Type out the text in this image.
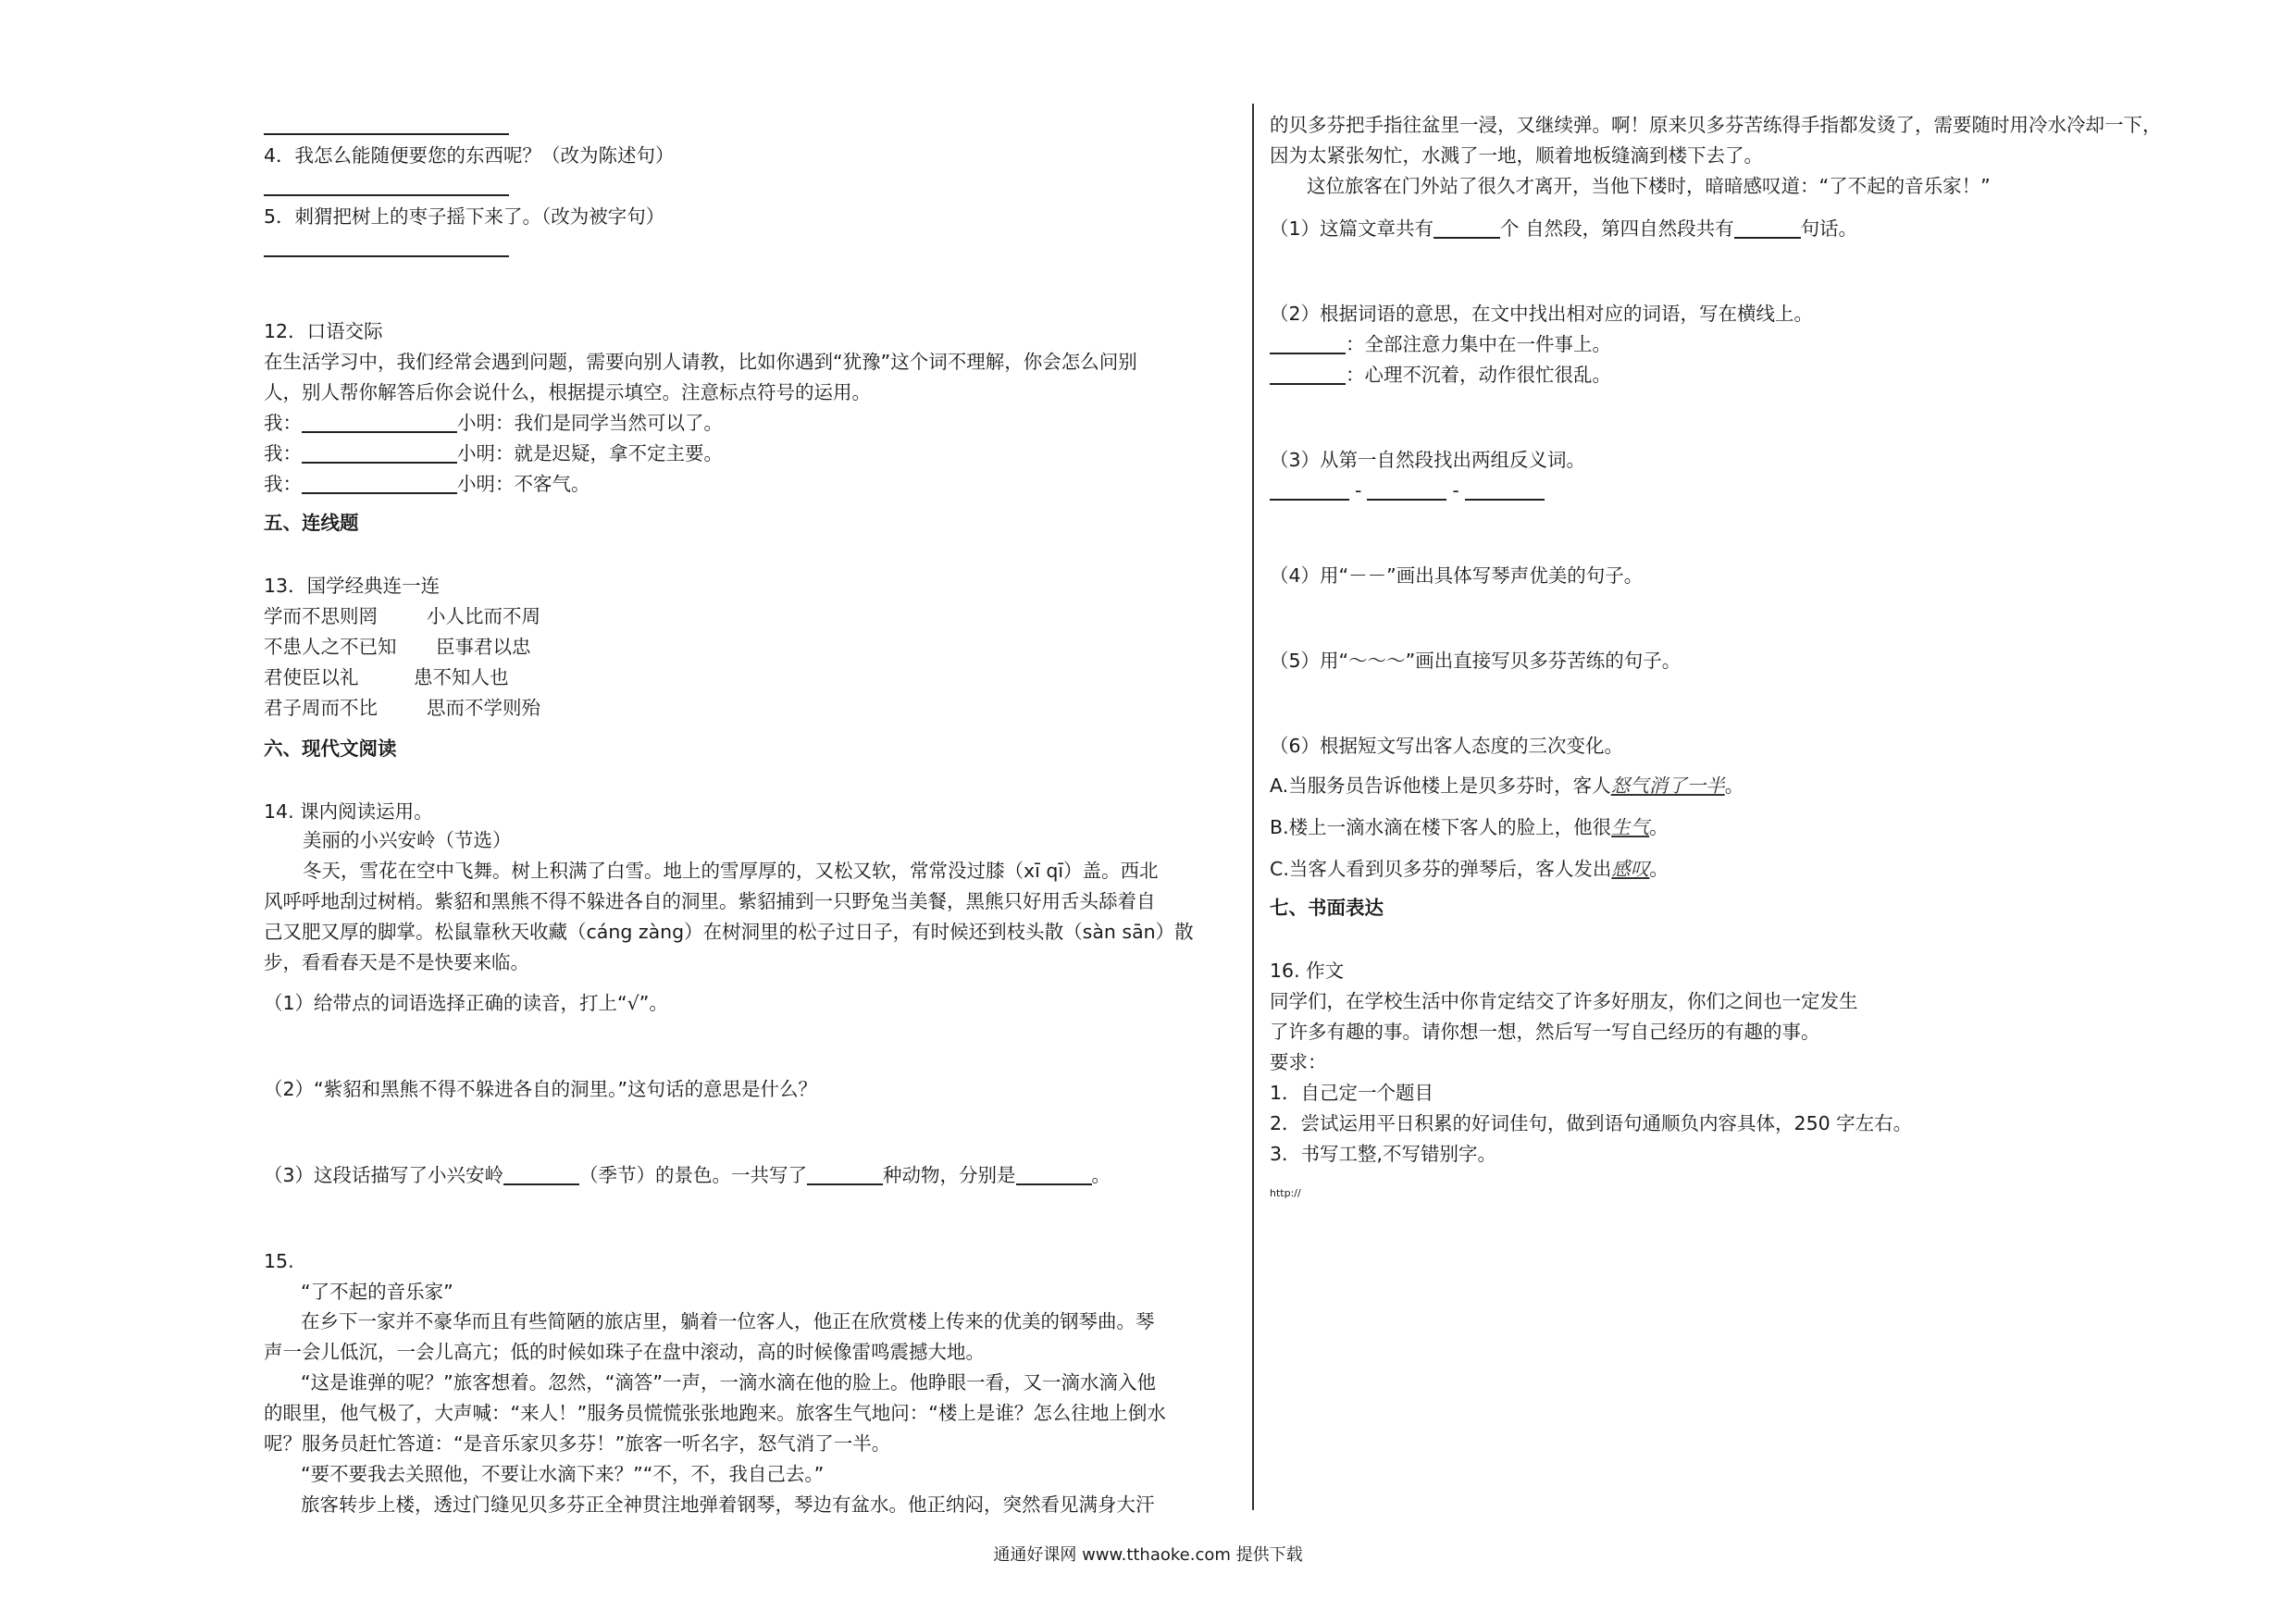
4．我怎么能随便要您的东西呢？（改为陈述句）
5．刺猬把树上的枣子摇下来了。（改为被字句）
12．口语交际
在生活学习中，我们经常会遇到问题，需要向别人请教，比如你遇到“犹豫”这个词不理解，你会怎么问别
人，别人帮你解答后你会说什么，根据提示填空。注意标点符号的运用。
我：	小明：我们是同学当然可以了。
我：	小明：就是迟疑，拿不定主要。
我：	小明：不客气。
五、连线题
13．国学经典连一连
学而不思则罔	小人比而不周
不患人之不已知 臣事君以忠
君使臣以礼	患不知人也
君子周而不比	思而不学则殆
六、现代文阅读
14. 课内阅读运用。
美丽的小兴安岭（节选）
冬天，雪花在空中飞舞。树上积满了白雪。地上的雪厚厚的，又松又软，常常没过膝（xī qī）盖。西北
风呼呼地刮过树梢。紫貂和黑熊不得不躲进各自的洞里。紫貂捕到一只野兔当美餐，黑熊只好用舌头舔着自
己又肥又厚的脚掌。松鼠靠秋天收藏（cáng zàng）在树洞里的松子过日子，有时候还到枝头散（sàn sān）散
步，看看春天是不是快要来临。
（1）给带点的词语选择正确的读音，打上“√”。
（2）“紫貂和黑熊不得不躲进各自的洞里。”这句话的意思是什么？
（3）这段话描写了小兴安岭	（季节）的景色。一共写了	种动物，分别是	。
15.
“了不起的音乐家”
在乡下一家并不豪华而且有些简陋的旅店里，躺着一位客人，他正在欣赏楼上传来的优美的钢琴曲。琴
声一会儿低沉，一会儿高亢；低的时候如珠子在盘中滚动，高的时候像雷鸣震撼大地。
“这是谁弹的呢？”旅客想着。忽然，“滴答”一声，一滴水滴在他的脸上。他睁眼一看，又一滴水滴入他
的眼里，他气极了，大声喊：“来人！”服务员慌慌张张地跑来。旅客生气地问：“楼上是谁？怎么往地上倒水
呢？服务员赶忙答道：“是音乐家贝多芬！”旅客一听名字，怒气消了一半。
“要不要我去关照他，不要让水滴下来？”“不，不，我自己去。”
旅客转步上楼，透过门缝见贝多芬正全神贯注地弹着钢琴，琴边有盆水。他正纳闷，突然看见满身大汗
的贝多芬把手指往盆里一浸，又继续弹。啊！原来贝多芬苦练得手指都发烫了，需要随时用冷水冷却一下，
因为太紧张匆忙，水溅了一地，顺着地板缝滴到楼下去了。
这位旅客在门外站了很久才离开，当他下楼时，暗暗感叹道：“了不起的音乐家！”
（1）这篇文章共有	个 自然段，第四自然段共有	句话。
（2）根据词语的意思，在文中找出相对应的词语，写在横线上。
：全部注意力集中在一件事上。
：心理不沉着，动作很忙很乱。
（3）从第一自然段找出两组反义词。
-	-
（4）用“－－”画出具体写琴声优美的句子。
（5）用“～～～”画出直接写贝多芬苦练的句子。
（6）根据短文写出客人态度的三次变化。
A.当服务员告诉他楼上是贝多芬时，客人怒气消了一半。
B.楼上一滴水滴在楼下客人的脸上，他很生气。
C.当客人看到贝多芬的弹琴后，客人发出感叹。
七、书面表达
16. 作文
同学们，在学校生活中你肯定结交了许多好朋友，你们之间也一定发生
了许多有趣的事。请你想一想，然后写一写自己经历的有趣的事。
要求：
1．自己定一个题目
2．尝试运用平日积累的好词佳句，做到语句通顺负内容具体，250 字左右。
3．书写工整,不写错别字。
http://
通通好课网 www.tthaoke.com 提供下载
